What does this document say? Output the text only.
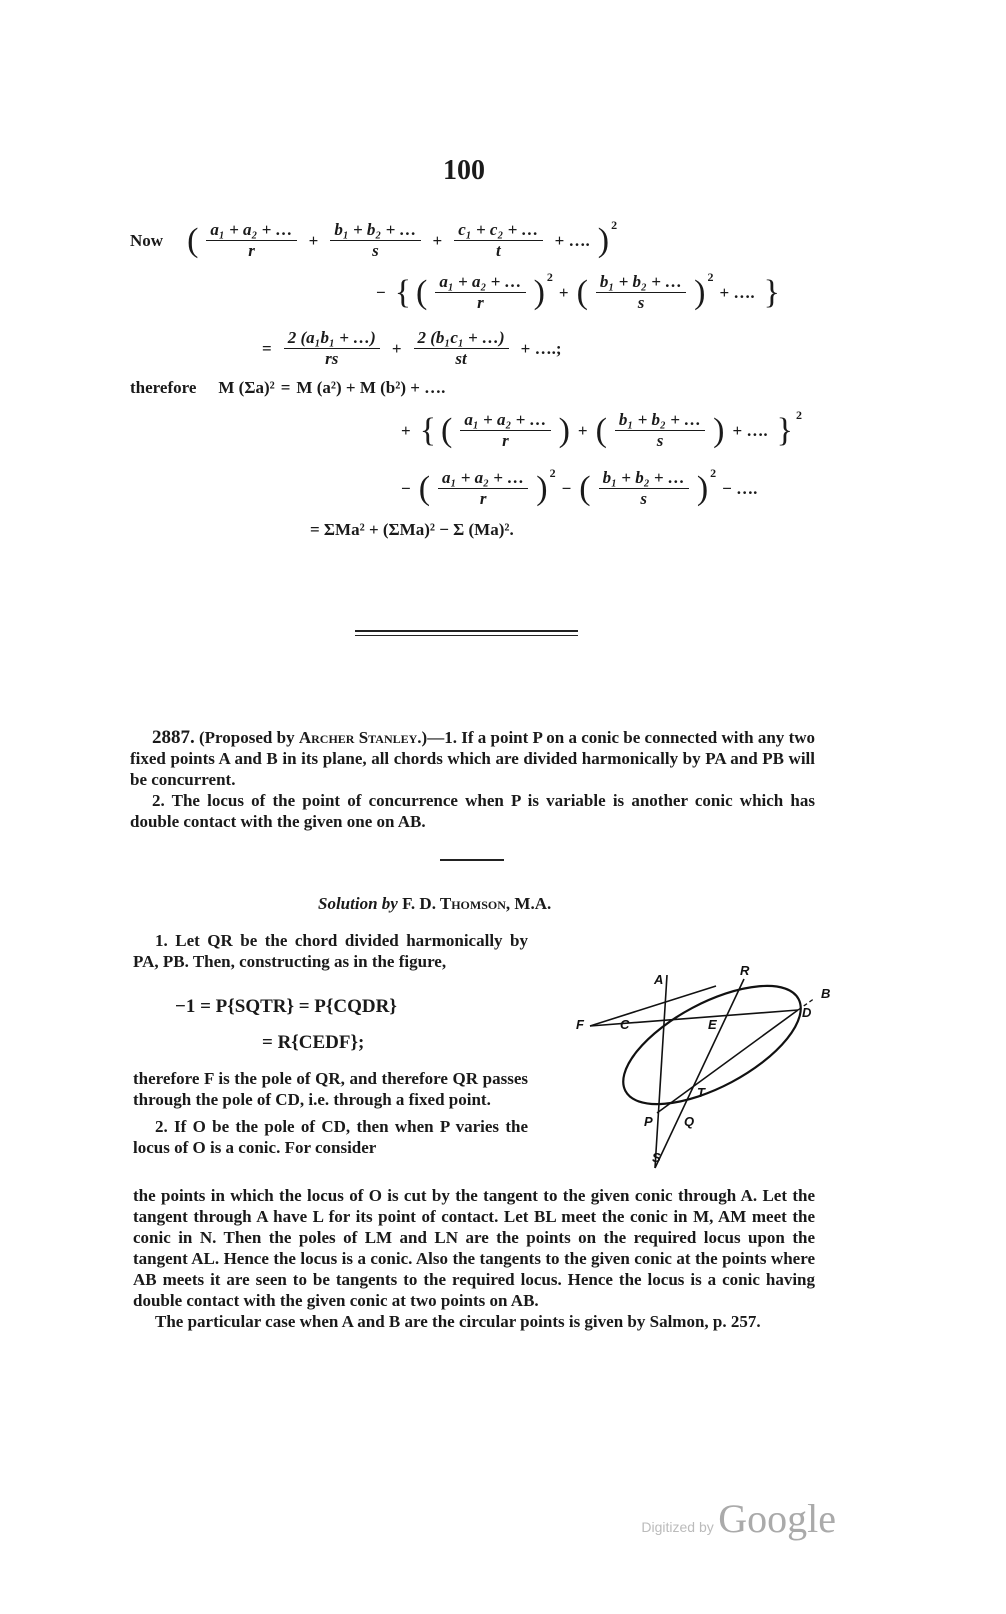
100
Now ( $\frac{\text{a₁ + a₂ + …}}{r} + \frac{\text{b₁ + b₂ + …}}{s} + \frac{\text{c₁ + c₂ + …}}{t}$ + …. ) 2
− { ( $\frac{\text{a₁ + a₂ + …}}{r}$ ) 2
+ ( $\frac{\text{b₁ + b₂ + …}}{s}$ ) 2
+ …. }
= $\frac{\text{2 (a₁b₁ + …)}}{rs} + \frac{\text{2 (b₁c₁ + …)}}{st}$ + ….;
therefore M (Σa)² = M (a²) + M (b²) + ….
+ { ( $\frac{\text{a₁ + a₂ + …}}{r}$ ) + ( $\frac{\text{b₁ + b₂ + …}}{s}$ ) + …. } 2
− ( $\frac{\text{a₁ + a₂ + …}}{r}$ ) 2
− ( $\frac{\text{b₁ + b₂ + …}}{s}$ ) 2
− ….
= ΣMa² + (ΣMa)² − Σ (Ma)².

2887. (Proposed by Archer Stanley.)—1. If a point P on a conic be connected with any two fixed points A and B in its plane, all chords which are divided harmonically by PA and PB will be concurrent.

2. The locus of the point of concurrence when P is variable is another conic which has double contact with the given one on AB.

Solution by F. D. Thomson, M.A.

1. Let QR be the chord divided harmonically by PA, PB. Then, constructing as in the figure,

−1 = P{SQTR} = P{CQDR}
= R{CEDF};

therefore F is the pole of QR, and therefore QR passes through the pole of CD, i.e. through a fixed point.

2. If O be the pole of CD, then when P varies the locus of O is a conic. For consider

the points in which the locus of O is cut by the tangent to the given conic through A. Let the tangent through A have L for its point of contact. Let BL meet the conic in M, AM meet the conic in N. Then the poles of LM and LN are the points on the required locus upon the tangent AL. Hence the locus is a conic. Also the tangents to the given conic at the points where AB meets it are seen to be tangents to the required locus. Hence the locus is a conic having double contact with the given conic at two points on AB.

The particular case when A and B are the circular points is given by Salmon, p. 257.

A
R
B
F	C	E
D
T
P Q
S
Digitized by Google
